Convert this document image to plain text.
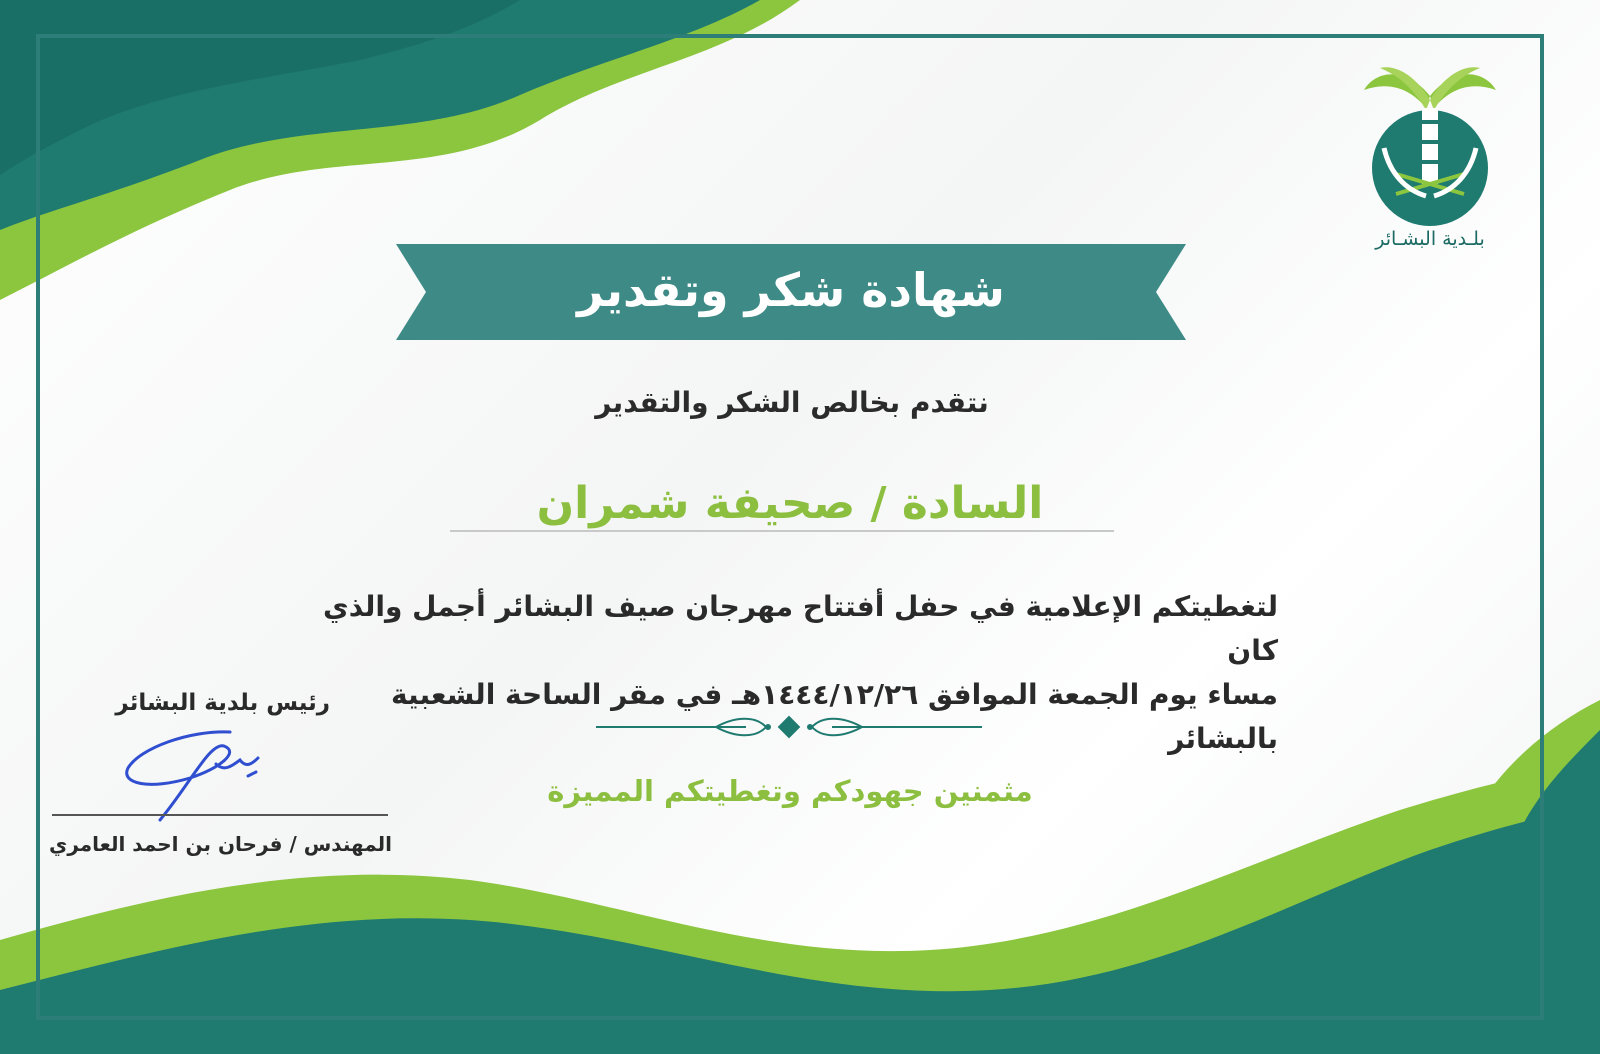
بلـدية البشـائر
شهادة شكر وتقدير
نتقدم بخالص الشكر والتقدير
السادة / صحيفة شمران

لتغطيتكم الإعلامية في حفل أفتتاح مهرجان صيف البشائر أجمل والذي كان

مساء يوم الجمعة الموافق ١٤٤٤/١٢/٢٦هـ في مقر الساحة الشعبية بالبشائر

مثمنين جهودكم وتغطيتكم المميزة
رئيس بلدية البشائر
المهندس / فرحان بن احمد العامري
